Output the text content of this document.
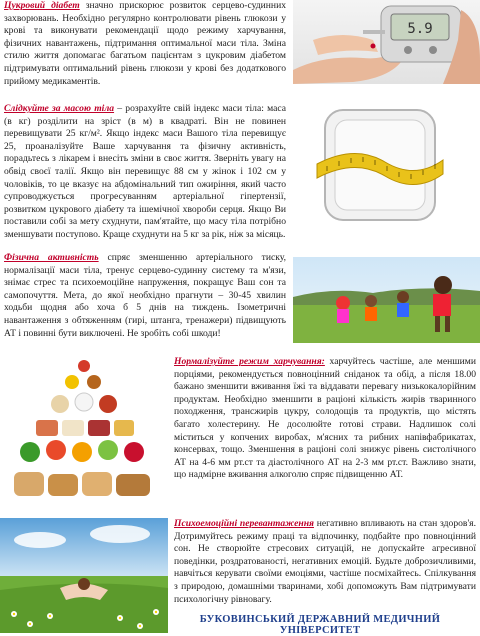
Цукровий діабет значно прискорює розвиток серцево-судинних захворювань. Необхідно регулярно контролювати рівень глюкози у крові та виконувати рекомендації щодо режиму харчування, фізичних навантажень, підтримання оптимальної маси тіла. Зміна стилю життя допомагає багатьом пацієнтам з цукровим діабетом підтримувати оптимальний рівень глюкози у крові без додаткового прийому медикаментів.
5.9
Слідкуйте за масою тіла – розрахуйте свій індекс маси тіла: маса (в кг) розділити на зріст (в м) в квадраті. Він не повинен перевищувати 25 кг/м². Якщо індекс маси Вашого тіла перевищує 25, проаналізуйте Ваше харчування та фізичну активність, порадьтесь з лікарем і внесіть зміни в своє життя. Зверніть увагу на обвід своєї талії. Якщо він перевищує 88 см у жінок і 102 см у чоловіків, то це вказує на абдомінальний тип ожиріння, який часто супроводжується прогресуванням артеріальної гіпертензії, розвитком цукрового діабету та ішемічної хвороби серця. Якщо Ви поставили собі за мету схуднути, пам'ятайте, що масу тіла потрібно зменшувати поступово. Краще схуднути на 5 кг за рік, ніж за місяць.
Фізична активність спряє зменшенню артеріального тиску, нормалізації маси тіла, тренує серцево-судинну систему та м'язи, знімає стрес та психоемоційне напруження, покращує Ваш сон та самопочуття. Мета, до якої необхідно прагнути – 30-45 хвилин ходьби щодня або хоча б 5 днів на тиждень. Ізометричні навантаження з обтяженням (гирі, штанга, тренажери) підвищують АТ і повинні бути виключені. Не зробіть собі шкоди!
Нормалізуйте режим харчування: харчуйтесь частіше, але меншими порціями, рекомендується повноцінний сніданок та обід, а після 18.00 бажано зменшити вживання їжі та віддавати перевагу низькокалорійним продуктам. Необхідно зменшити в раціоні кількість жирів тваринного походження, трансжирів цукру, солодощів та продуктів, що містять багато холестерину. Не досолюйте готові страви. Надлишок солі міститься у копчених виробах, м'ясних та рибних напівфабрикатах, консервах, тощо. Зменшення в раціоні солі знижує рівень систолічного АТ на 4-6 мм рт.ст та діастолічного АТ на 2-3 мм рт.ст. Важливо знати, що надмірне вживання алкоголю спряє підвищенню АТ.
Психоемоційні перевантаження негативно впливають на стан здоров'я. Дотримуйтесь режиму праці та відпочинку, подбайте про повноцінний сон. Не створюйте стресових ситуацій, не допускайте агресивної поведінки, роздратованості, негативних емоцій. Будьте доброзичливими, навчіться керувати своїми емоціями, частіше посміхайтесь. Спілкування з природою, домашніми тваринами, хобі допоможуть Вам підтримувати психологічну рівновагу.
БУКОВИНСЬКИЙ ДЕРЖАВНИЙ МЕДИЧНИЙ УНІВЕРСИТЕТ
